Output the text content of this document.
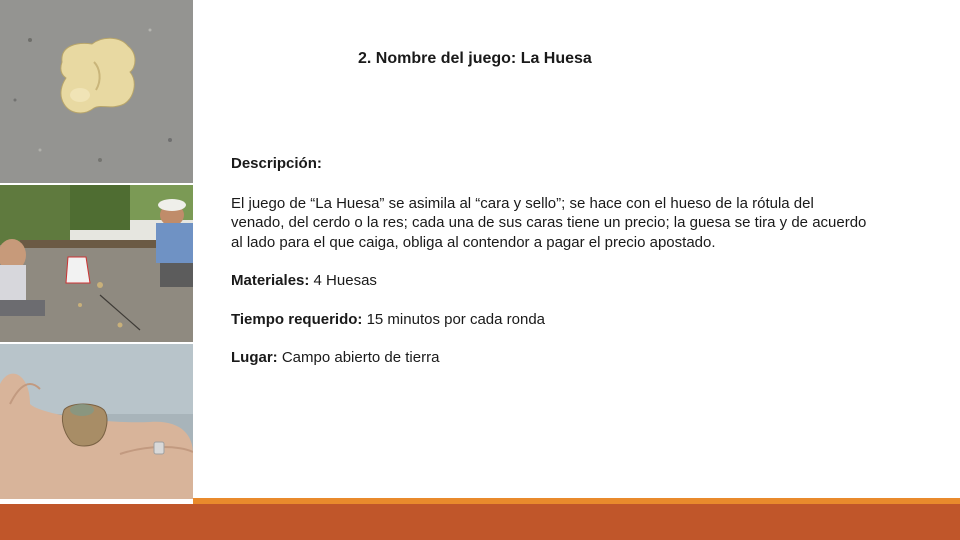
2. Nombre del juego: La Huesa
Descripción:
El juego de “La Huesa” se asimila al “cara y sello”; se hace con el hueso de la rótula del venado, del cerdo o la res; cada una de sus caras tiene un precio; la guesa se tira y de acuerdo al lado para el que caiga, obliga al contendor a pagar el precio apostado.
Materiales: 4 Huesas
Tiempo requerido: 15 minutos por cada ronda
Lugar: Campo abierto de tierra
